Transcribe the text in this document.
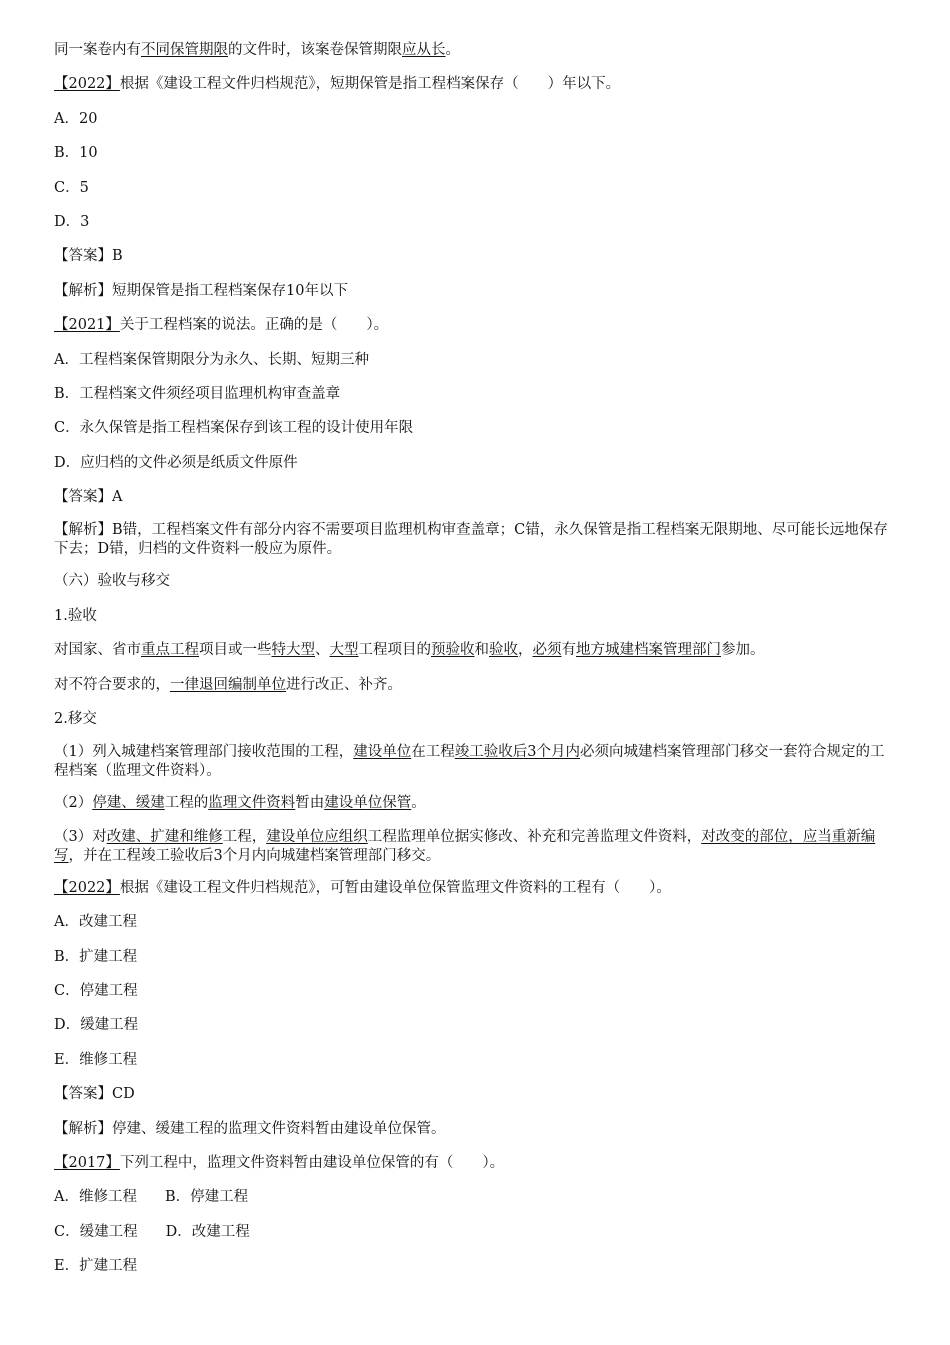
同一案卷内有不同保管期限的文件时，该案卷保管期限应从长。
【2022】根据《建设工程文件归档规范》，短期保管是指工程档案保存（　　）年以下。
A．20
B．10
C．5
D．3
【答案】B
【解析】短期保管是指工程档案保存10年以下
【2021】关于工程档案的说法。正确的是（　　）。
A．工程档案保管期限分为永久、长期、短期三种
B．工程档案文件须经项目监理机构审查盖章
C．永久保管是指工程档案保存到该工程的设计使用年限
D．应归档的文件必须是纸质文件原件
【答案】A
【解析】B错，工程档案文件有部分内容不需要项目监理机构审查盖章；C错，永久保管是指工程档案无限期地、尽可能长远地保存下去；D错，归档的文件资料一般应为原件。
（六）验收与移交
1.验收
对国家、省市重点工程项目或一些特大型、大型工程项目的预验收和验收，必须有地方城建档案管理部门参加。
对不符合要求的，一律退回编制单位进行改正、补齐。
2.移交
（1）列入城建档案管理部门接收范围的工程，建设单位在工程竣工验收后3个月内必须向城建档案管理部门移交一套符合规定的工程档案（监理文件资料）。
（2）停建、缓建工程的监理文件资料暂由建设单位保管。
（3）对改建、扩建和维修工程，建设单位应组织工程监理单位据实修改、补充和完善监理文件资料，对改变的部位，应当重新编写，并在工程竣工验收后3个月内向城建档案管理部门移交。
【2022】根据《建设工程文件归档规范》，可暂由建设单位保管监理文件资料的工程有（　　）。
A．改建工程
B．扩建工程
C．停建工程
D．缓建工程
E．维修工程
【答案】CD
【解析】停建、缓建工程的监理文件资料暂由建设单位保管。
【2017】下列工程中，监理文件资料暂由建设单位保管的有（　　）。
A．维修工程 B．停建工程
C．缓建工程 D．改建工程
E．扩建工程
